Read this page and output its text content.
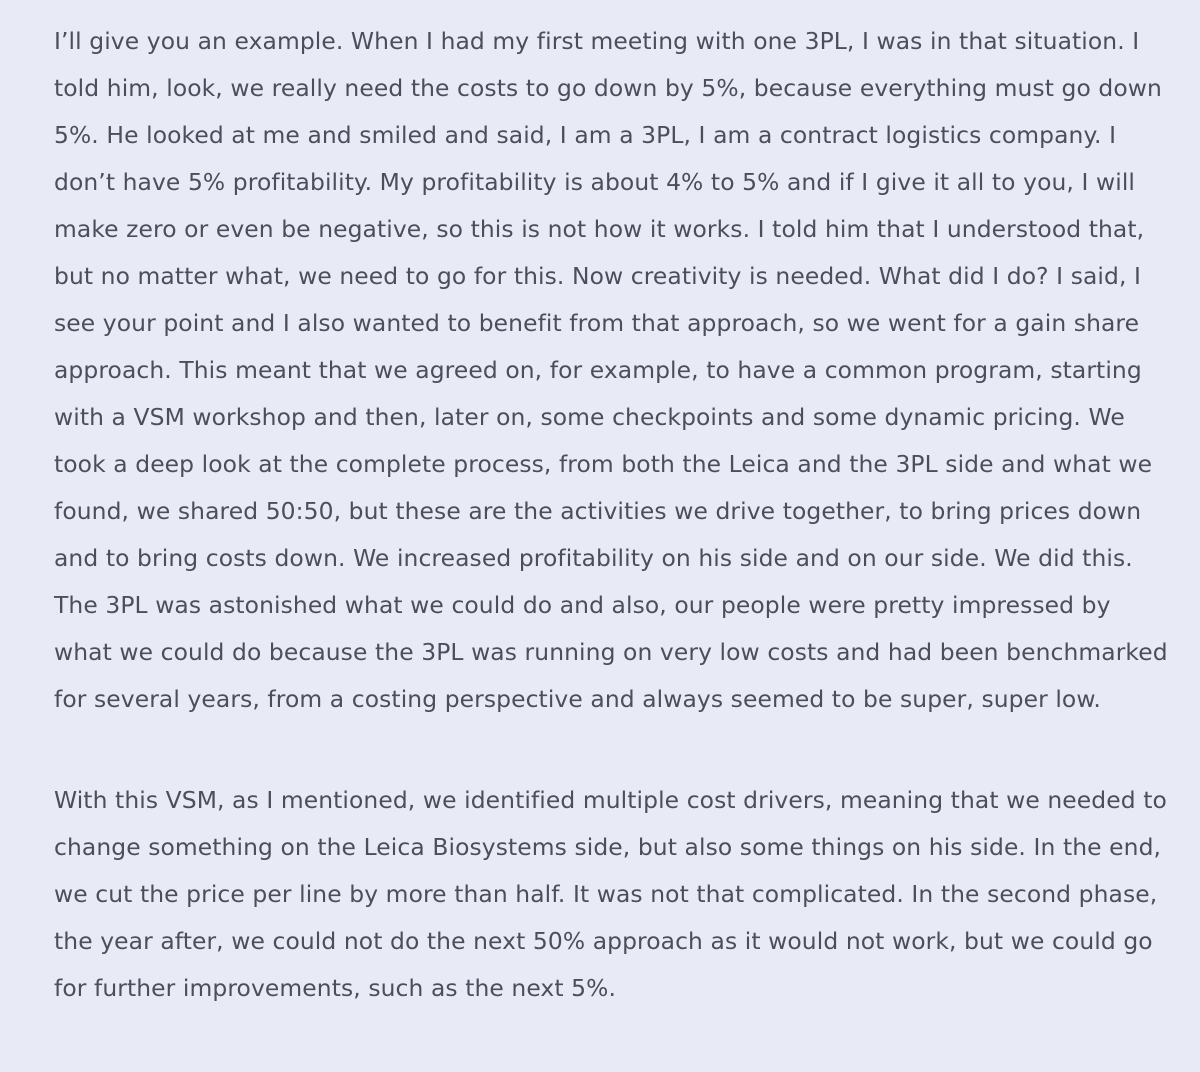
I’ll give you an example. When I had my first meeting with one 3PL, I was in that situation. I told him, look, we really need the costs to go down by 5%, because everything must go down 5%. He looked at me and smiled and said, I am a 3PL, I am a contract logistics company. I don’t have 5% profitability. My profitability is about 4% to 5% and if I give it all to you, I will make zero or even be negative, so this is not how it works. I told him that I understood that, but no matter what, we need to go for this. Now creativity is needed. What did I do? I said, I see your point and I also wanted to benefit from that approach, so we went for a gain share approach. This meant that we agreed on, for example, to have a common program, starting with a VSM workshop and then, later on, some checkpoints and some dynamic pricing. We took a deep look at the complete process, from both the Leica and the 3PL side and what we found, we shared 50:50, but these are the activities we drive together, to bring prices down and to bring costs down. We increased profitability on his side and on our side. We did this. The 3PL was astonished what we could do and also, our people were pretty impressed by what we could do because the 3PL was running on very low costs and had been benchmarked for several years, from a costing perspective and always seemed to be super, super low.

With this VSM, as I mentioned, we identified multiple cost drivers, meaning that we needed to change something on the Leica Biosystems side, but also some things on his side. In the end, we cut the price per line by more than half. It was not that complicated. In the second phase, the year after, we could not do the next 50% approach as it would not work, but we could go for further improvements, such as the next 5%.
